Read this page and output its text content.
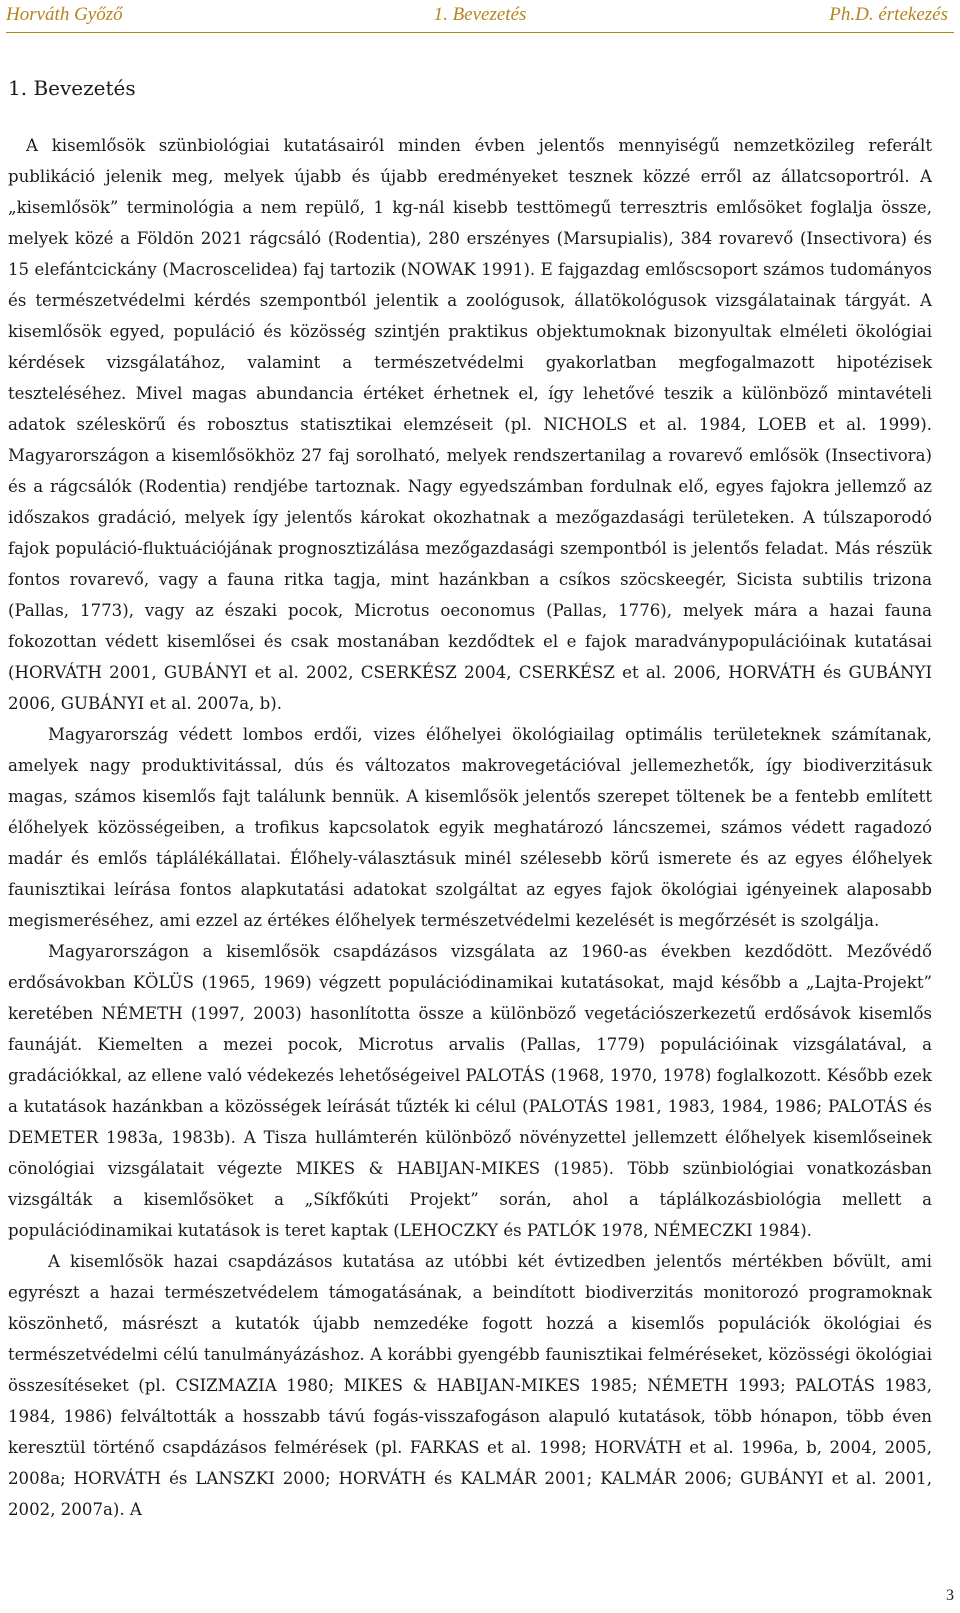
Horváth Győző	1. Bevezetés	Ph.D. értekezés
1. Bevezetés

A kisemlősök szünbiológiai kutatásairól minden évben jelentős mennyiségű nemzetközileg referált publikáció jelenik meg, melyek újabb és újabb eredményeket tesznek közzé erről az állatcsoportról. A „kisemlősök” terminológia a nem repülő, 1 kg-nál kisebb testtömegű terresztris emlősöket foglalja össze, melyek közé a Földön 2021 rágcsáló (Rodentia), 280 erszényes (Marsupialis), 384 rovarevő (Insectivora) és 15 elefántcickány (Macroscelidea) faj tartozik (NOWAK 1991). E fajgazdag emlőscsoport számos tudományos és természetvédelmi kérdés szempontból jelentik a zoológusok, állatökológusok vizsgálatainak tárgyát. A kisemlősök egyed, populáció és közösség szintjén praktikus objektumoknak bizonyultak elméleti ökológiai kérdések vizsgálatához, valamint a természetvédelmi gyakorlatban megfogalmazott hipotézisek teszteléséhez. Mivel magas abundancia értéket érhetnek el, így lehetővé teszik a különböző mintavételi adatok széleskörű és robosztus statisztikai elemzéseit (pl. NICHOLS et al. 1984, LOEB et al. 1999). Magyarországon a kisemlősökhöz 27 faj sorolható, melyek rendszertanilag a rovarevő emlősök (Insectivora) és a rágcsálók (Rodentia) rendjébe tartoznak. Nagy egyedszámban fordulnak elő, egyes fajokra jellemző az időszakos gradáció, melyek így jelentős károkat okozhatnak a mezőgazdasági területeken. A túlszaporodó fajok populáció-fluktuációjának prognosztizálása mezőgazdasági szempontból is jelentős feladat. Más részük fontos rovarevő, vagy a fauna ritka tagja, mint hazánkban a csíkos szöcskeegér, Sicista subtilis trizona (Pallas, 1773), vagy az északi pocok, Microtus oeconomus (Pallas, 1776), melyek mára a hazai fauna fokozottan védett kisemlősei és csak mostanában kezdődtek el e fajok maradványpopulációinak kutatásai (HORVÁTH 2001, GUBÁNYI et al. 2002, CSERKÉSZ 2004, CSERKÉSZ et al. 2006, HORVÁTH és GUBÁNYI 2006, GUBÁNYI et al. 2007a, b).

Magyarország védett lombos erdői, vizes élőhelyei ökológiailag optimális területeknek számítanak, amelyek nagy produktivitással, dús és változatos makrovegetációval jellemezhetők, így biodiverzitásuk magas, számos kisemlős fajt találunk bennük. A kisemlősök jelentős szerepet töltenek be a fentebb említett élőhelyek közösségeiben, a trofikus kapcsolatok egyik meghatározó láncszemei, számos védett ragadozó madár és emlős táplálékállatai. Élőhely-választásuk minél szélesebb körű ismerete és az egyes élőhelyek faunisztikai leírása fontos alapkutatási adatokat szolgáltat az egyes fajok ökológiai igényeinek alaposabb megismeréséhez, ami ezzel az értékes élőhelyek természetvédelmi kezelését is megőrzését is szolgálja.

Magyarországon a kisemlősök csapdázásos vizsgálata az 1960-as években kezdődött. Mezővédő erdősávokban KÖLÜS (1965, 1969) végzett populációdinamikai kutatásokat, majd később a „Lajta-Projekt” keretében NÉMETH (1997, 2003) hasonlította össze a különböző vegetációszerkezetű erdősávok kisemlős faunáját. Kiemelten a mezei pocok, Microtus arvalis (Pallas, 1779) populációinak vizsgálatával, a gradációkkal, az ellene való védekezés lehetőségeivel PALOTÁS (1968, 1970, 1978) foglalkozott. Később ezek a kutatások hazánkban a közösségek leírását tűzték ki célul (PALOTÁS 1981, 1983, 1984, 1986; PALOTÁS és DEMETER 1983a, 1983b). A Tisza hullámterén különböző növényzettel jellemzett élőhelyek kisemlőseinek cönológiai vizsgálatait végezte MIKES & HABIJAN-MIKES (1985). Több szünbiológiai vonatkozásban vizsgálták a kisemlősöket a „Síkfőkúti Projekt” során, ahol a táplálkozásbiológia mellett a populációdinamikai kutatások is teret kaptak (LEHOCZKY és PATLÓK 1978, NÉMECZKI 1984).

A kisemlősök hazai csapdázásos kutatása az utóbbi két évtizedben jelentős mértékben bővült, ami egyrészt a hazai természetvédelem támogatásának, a beindított biodiverzitás monitorozó programoknak köszönhető, másrészt a kutatók újabb nemzedéke fogott hozzá a kisemlős populációk ökológiai és természetvédelmi célú tanulmányázáshoz. A korábbi gyengébb faunisztikai felméréseket, közösségi ökológiai összesítéseket (pl. CSIZMAZIA 1980; MIKES & HABIJAN-MIKES 1985; NÉMETH 1993; PALOTÁS 1983, 1984, 1986) felváltották a hosszabb távú fogás-visszafogáson alapuló kutatások, több hónapon, több éven keresztül történő csapdázásos felmérések (pl. FARKAS et al. 1998; HORVÁTH et al. 1996a, b, 2004, 2005, 2008a; HORVÁTH és LANSZKI 2000; HORVÁTH és KALMÁR 2001; KALMÁR 2006; GUBÁNYI et al. 2001, 2002, 2007a). A

3
